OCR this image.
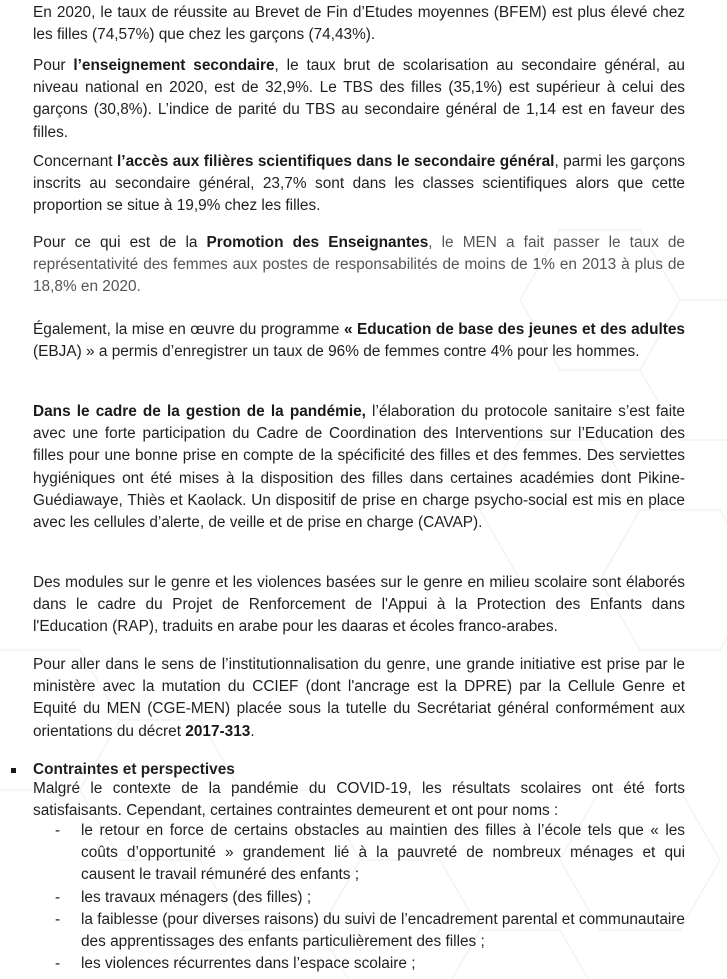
En 2020, le taux de réussite au Brevet de Fin d’Etudes moyennes (BFEM) est plus élevé chez les filles (74,57%) que chez les garçons (74,43%).

Pour l’enseignement secondaire, le taux brut de scolarisation au secondaire général, au niveau national en 2020, est de 32,9%. Le TBS des filles (35,1%) est supérieur à celui des garçons (30,8%). L’indice de parité du TBS au secondaire général de 1,14 est en faveur des filles.

Concernant l’accès aux filières scientifiques dans le secondaire général, parmi les garçons inscrits au secondaire général, 23,7% sont dans les classes scientifiques alors que cette proportion se situe à 19,9% chez les filles.

Pour ce qui est de la Promotion des Enseignantes, le MEN a fait passer le taux de représentativité des femmes aux postes de responsabilités de moins de 1% en 2013 à plus de 18,8% en 2020.

Également, la mise en œuvre du programme « Education de base des jeunes et des adultes (EBJA) » a permis d’enregistrer un taux de 96% de femmes contre 4% pour les hommes.

Dans le cadre de la gestion de la pandémie, l’élaboration du protocole sanitaire s’est faite avec une forte participation du Cadre de Coordination des Interventions sur l’Education des filles pour une bonne prise en compte de la spécificité des filles et des femmes. Des serviettes hygiéniques ont été mises à la disposition des filles dans certaines académies dont Pikine-Guédiawaye, Thiès et Kaolack. Un dispositif de prise en charge psycho-social est mis en place avec les cellules d’alerte, de veille et de prise en charge (CAVAP).

Des modules sur le genre et les violences basées sur le genre en milieu scolaire sont élaborés dans le cadre du Projet de Renforcement de l'Appui à la Protection des Enfants dans l'Education (RAP), traduits en arabe pour les daaras et écoles franco-arabes.

Pour aller dans le sens de l’institutionnalisation du genre, une grande initiative est prise par le ministère avec la mutation du CCIEF (dont l'ancrage est la DPRE) par la Cellule Genre et Equité du MEN (CGE-MEN) placée sous la tutelle du Secrétariat général conformément aux orientations du décret 2017-313.

Contraintes et perspectives

Malgré le contexte de la pandémie du COVID-19, les résultats scolaires ont été forts satisfaisants. Cependant, certaines contraintes demeurent et ont pour noms :

- le retour en force de certains obstacles au maintien des filles à l’école tels que « les coûts d’opportunité » grandement lié à la pauvreté de nombreux ménages et qui causent le travail rémunéré des enfants ;
- les travaux ménagers (des filles) ;
- la faiblesse (pour diverses raisons) du suivi de l’encadrement parental et communautaire des apprentissages des enfants particulièrement des filles ;
- les violences récurrentes dans l’espace scolaire ;
